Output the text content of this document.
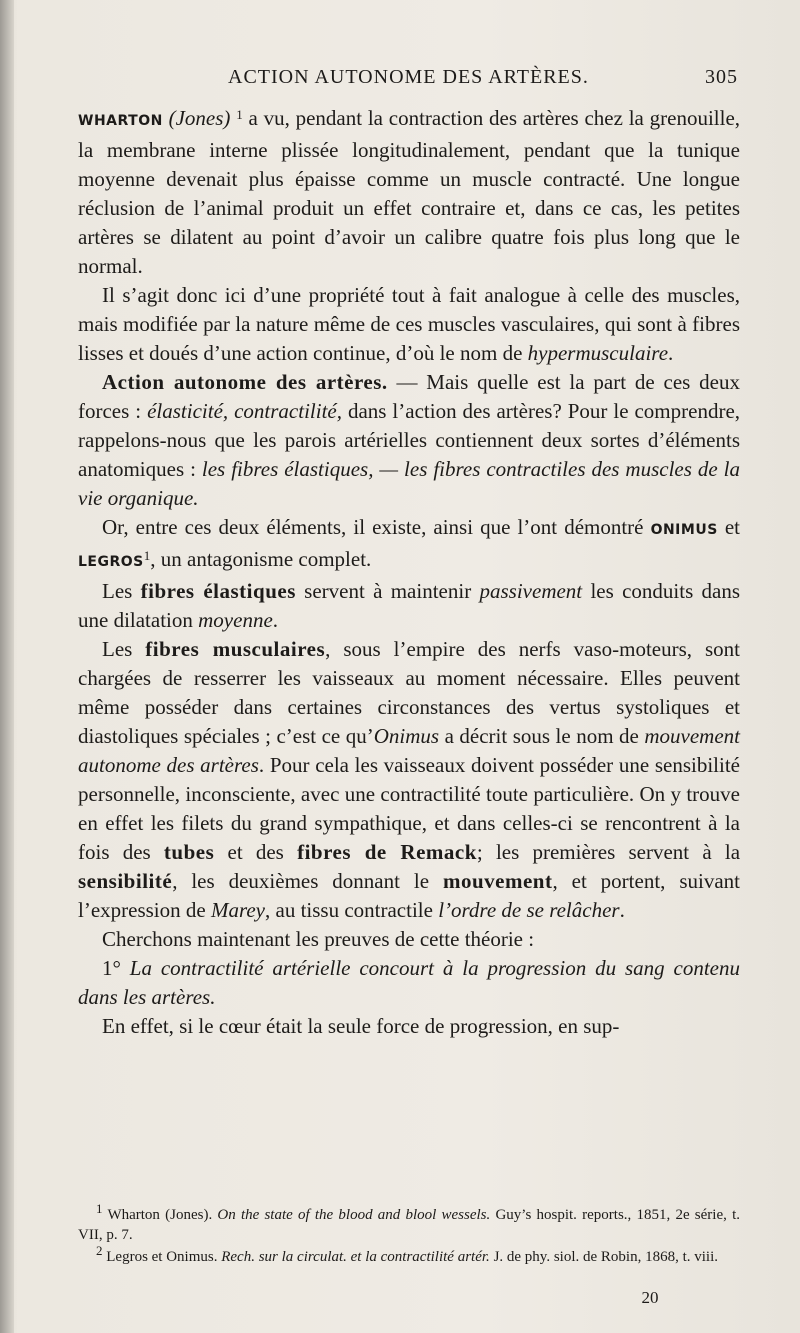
ACTION AUTONOME DES ARTÈRES.	305

WHARTON (Jones) $^1$ a vu, pendant la contraction des artères chez la grenouille, la membrane interne plissée longitudinalement, pendant que la tunique moyenne devenait plus épaisse comme un muscle contracté. Une longue réclusion de l’animal produit un effet contraire et, dans ce cas, les petites artères se dilatent au point d’avoir un calibre quatre fois plus long que le normal.

Il s’agit donc ici d’une propriété tout à fait analogue à celle des muscles, mais modifiée par la nature même de ces muscles vasculaires, qui sont à fibres lisses et doués d’une action continue, d’où le nom de hypermusculaire.

Action autonome des artères. — Mais quelle est la part de ces deux forces : élasticité, contractilité, dans l’action des artères? Pour le comprendre, rappelons-nous que les parois artérielles contiennent deux sortes d’éléments anatomiques : les fibres élastiques, — les fibres contractiles des muscles de la vie organique.

Or, entre ces deux éléments, il existe, ainsi que l’ont démontré ONIMUS et LEGROS$^1$, un antagonisme complet.

Les fibres élastiques servent à maintenir passivement les conduits dans une dilatation moyenne.

Les fibres musculaires, sous l’empire des nerfs vaso-moteurs, sont chargées de resserrer les vaisseaux au moment nécessaire. Elles peuvent même posséder dans certaines circonstances des vertus systoliques et diastoliques spéciales ; c’est ce qu’Onimus a décrit sous le nom de mouvement autonome des artères. Pour cela les vaisseaux doivent posséder une sensibilité personnelle, inconsciente, avec une contractilité toute particulière. On y trouve en effet les filets du grand sympathique, et dans celles-ci se rencontrent à la fois des tubes et des fibres de Remack; les premières servent à la sensibilité, les deuxièmes donnant le mouvement, et portent, suivant l’expression de Marey, au tissu contractile l’ordre de se relâcher.

Cherchons maintenant les preuves de cette théorie :

1° La contractilité artérielle concourt à la progression du sang contenu dans les artères.

En effet, si le cœur était la seule force de progression, en sup-

$^1$ Wharton (Jones). On the state of the blood and blool wessels. Guy’s hospit. reports., 1851, 2e série, t. VII, p. 7.

$^2$ Legros et Onimus. Rech. sur la circulat. et la contractilité artér. J. de phy. siol. de Robin, 1868, t. viii.

20
